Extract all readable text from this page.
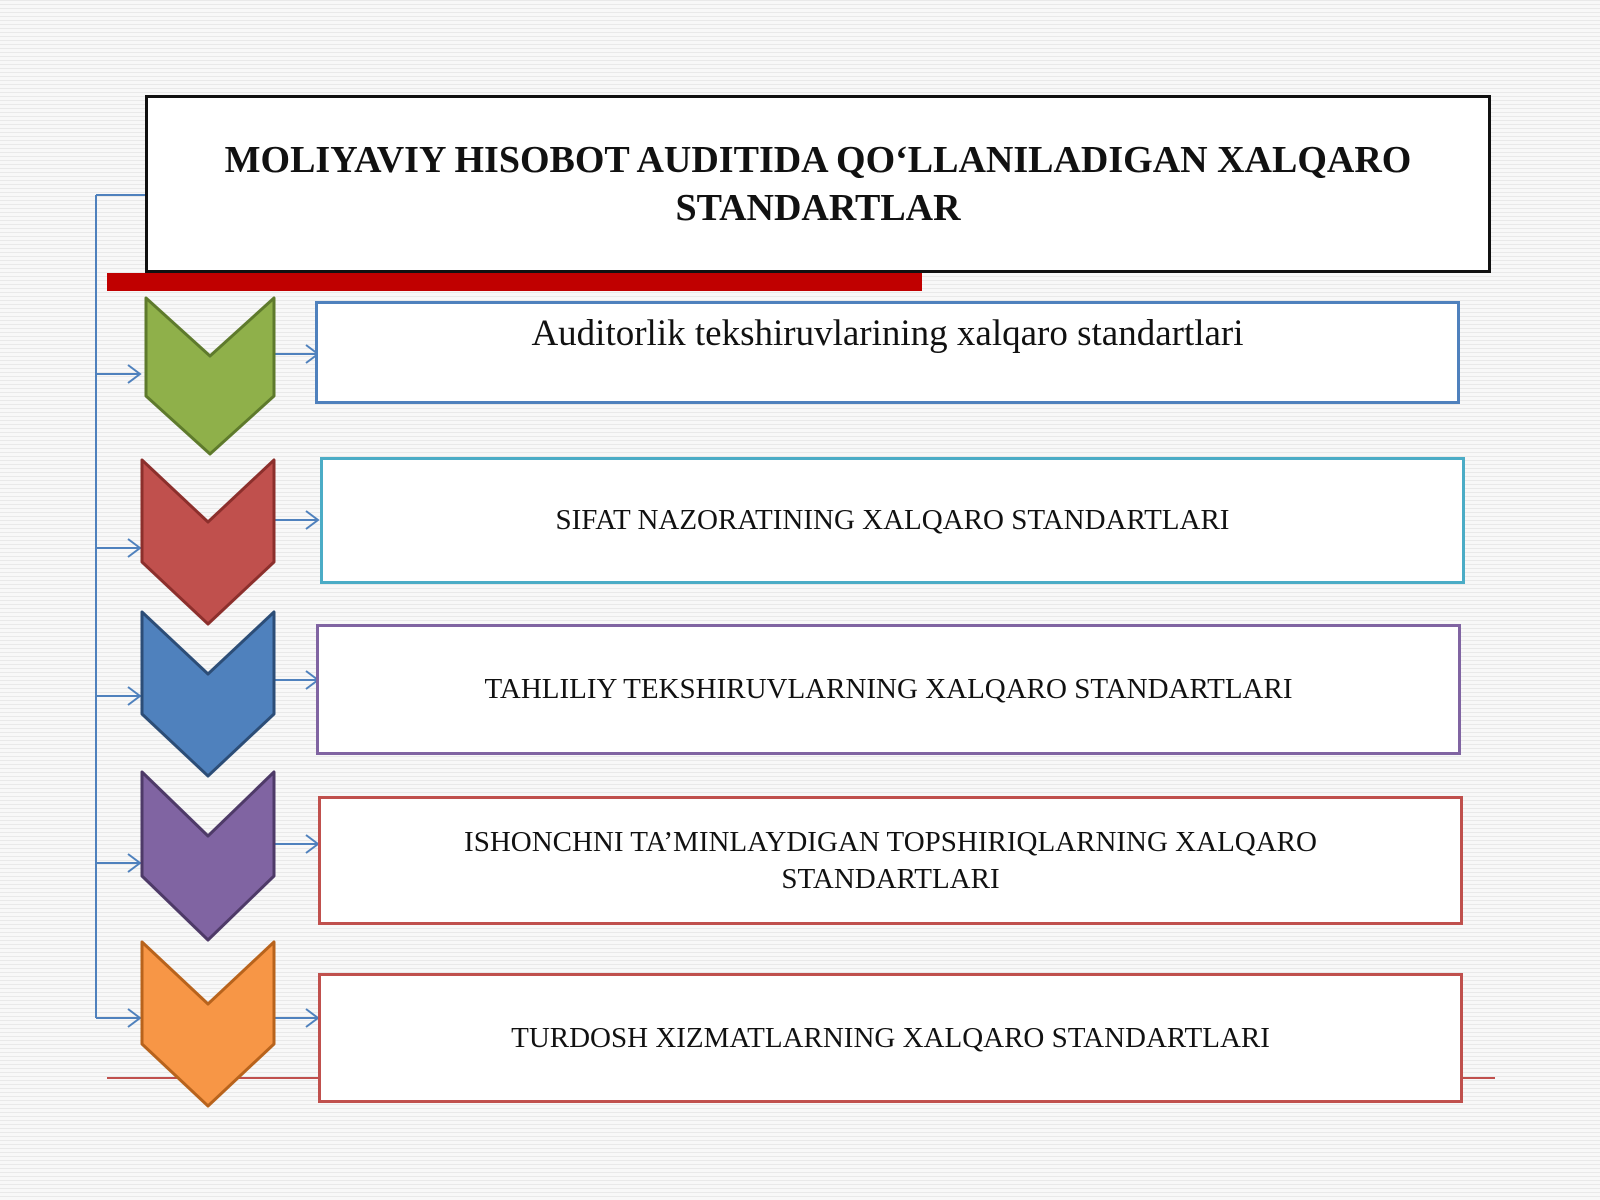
MOLIYAVIY HISOBOT AUDITIDA QO‘LLANILADIGAN XALQARO STANDARTLAR
Auditorlik tekshiruvlarining xalqaro standartlari
SIFAT NAZORATINING XALQARO STANDARTLARI
TAHLILIY TEKSHIRUVLARNING XALQARO STANDARTLARI
ISHONCHNI TA’MINLAYDIGAN TOPSHIRIQLARNING XALQARO STANDARTLARI
TURDOSH XIZMATLARNING XALQARO STANDARTLARI
